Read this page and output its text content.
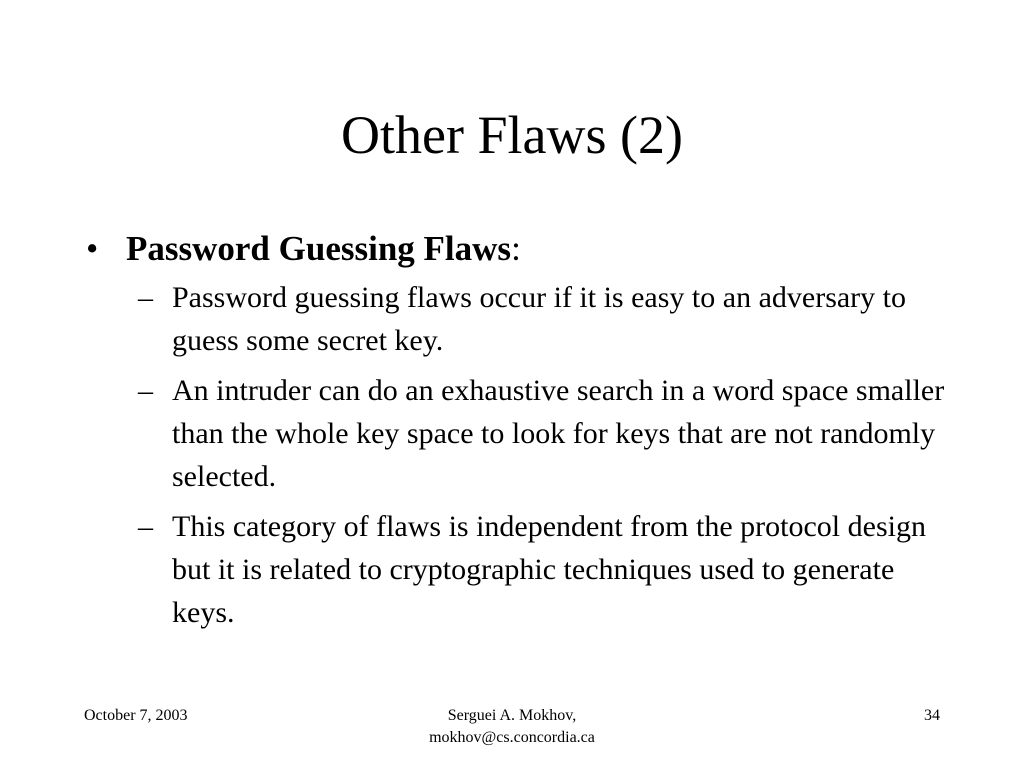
Other Flaws (2)
• Password Guessing Flaws:
– Password guessing flaws occur if it is easy to an adversary to guess some secret key.
– An intruder can do an exhaustive search in a word space smaller than the whole key space to look for keys that are not randomly selected.
– This category of flaws is independent from the protocol design but it is related to cryptographic techniques used to generate keys.
October 7, 2003	Serguei A. Mokhov,
mokhov@cs.concordia.ca
34
